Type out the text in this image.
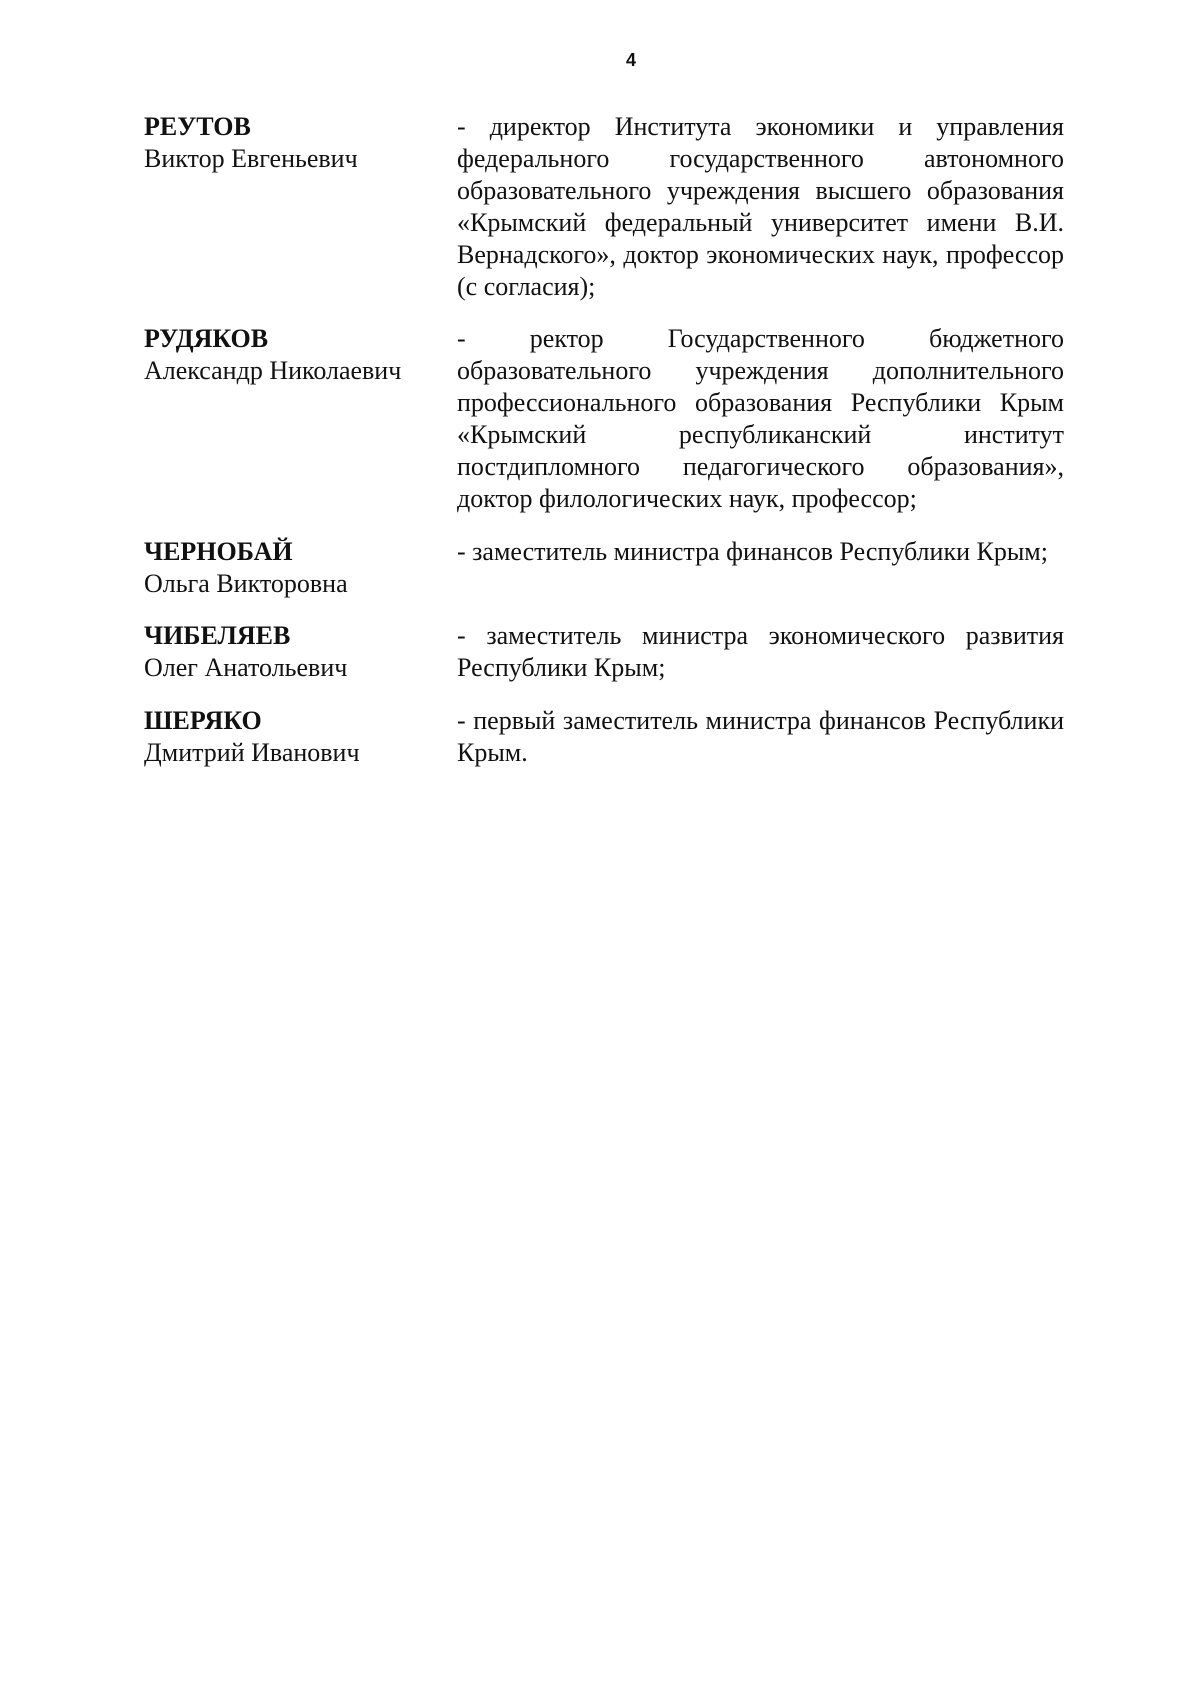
4
РЕУТОВ
Виктор Евгеньевич
- директор Института экономики и управления федерального государственного автономного образовательного учреждения высшего образования «Крымский федеральный университет имени В.И. Вернадского», доктор экономических наук, профессор (с согласия);
РУДЯКОВ
Александр Николаевич
- ректор Государственного бюджетного образовательного учреждения дополнительного профессионального образования Республики Крым «Крымский республиканский институт постдипломного педагогического образования», доктор филологических наук, профессор;
ЧЕРНОБАЙ
Ольга Викторовна
- заместитель министра финансов Республики Крым;
ЧИБЕЛЯЕВ
Олег Анатольевич
- заместитель министра экономического развития Республики Крым;
ШЕРЯКО
Дмитрий Иванович
- первый заместитель министра финансов Республики Крым.
